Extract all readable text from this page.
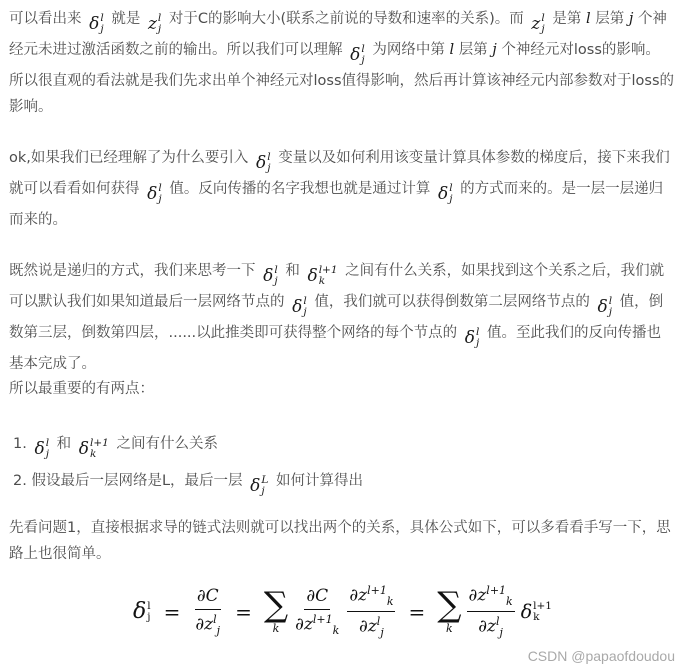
可以看出来 δ l
j
就是 z l
j
对于C的影响大小(联系之前说的导数和速率的关系)。而 z l
j
是第 l 层第 j 个神经元未进过激活函数之前的输出。所以我们可以理解 δ l
j
为网络中第 l 层第 j 个神经元对loss的影响。所以很直观的看法就是我们先求出单个神经元对loss值得影响，然后再计算该神经元内部参数对于loss的影响。

ok,如果我们已经理解了为什么要引入 δ l
j
变量以及如何利用该变量计算具体参数的梯度后，接下来我们就可以看看如何获得 δ l
j
值。反向传播的名字我想也就是通过计算 δ l
j
的方式而来的。是一层一层递归而来的。

既然说是递归的方式，我们来思考一下 δ l
j
和 δ l+1
k
之间有什么关系，如果找到这个关系之后，我们就可以默认我们如果知道最后一层网络节点的 δ l
j
值，我们就可以获得倒数第二层网络节点的 δ l
j
值，倒数第三层，倒数第四层，......以此推类即可获得整个网络的每个节点的 δ l
j
值。至此我们的反向传播也基本完成了。

所以最重要的有两点：

1. δ l
j
和 δ l+1
k
之间有什么关系
2. 假设最后一层网络是L，最后一层 δ L
j
如何计算得出

先看问题1，直接根据求导的链式法则就可以找出两个的关系，具体公式如下，可以多看看手写一下，思路上也很简单。

δ l
$j = \frac{\partial C}{\partial z^l_j}$ = ∑
k $\frac{\partial C}{\partial z^{l+1}_k} \frac{\partial z^{l+1}_k}{\partial z^l_j}$ = ∑
k $\frac{\partial z^{l+1}_k}{\partial z^l_j}$ δ l+1
k
CSDN @papaofdoudou
